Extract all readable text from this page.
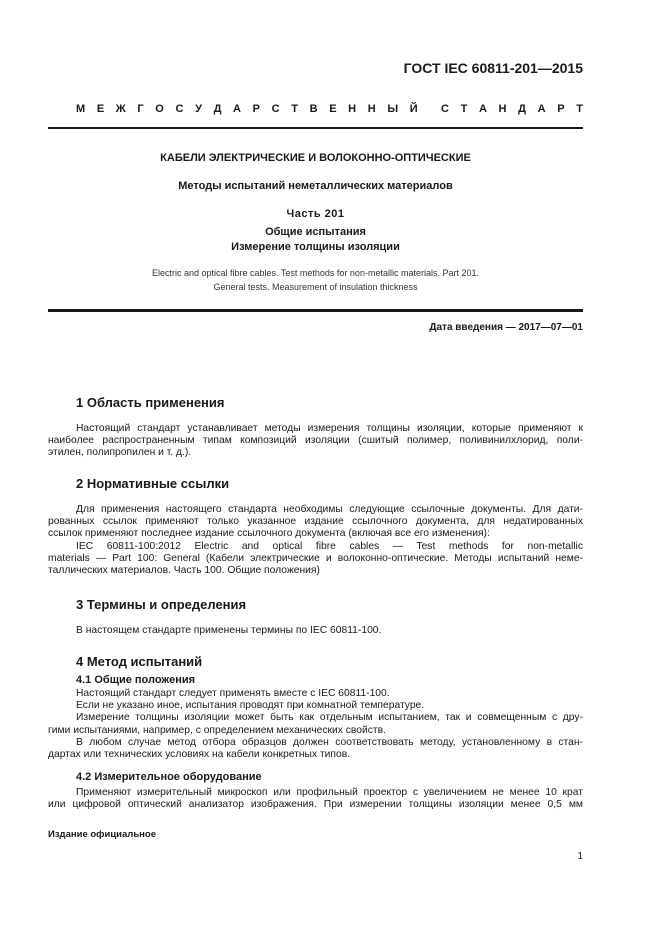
ГОСТ IEC 60811-201—2015
М Е Ж Г О С У Д А Р С Т В Е Н Н Ы Й С Т А Н Д А Р Т
КАБЕЛИ ЭЛЕКТРИЧЕСКИЕ И ВОЛОКОННО-ОПТИЧЕСКИЕ
Методы испытаний неметаллических материалов
Часть 201
Общие испытания
Измерение толщины изоляции
Electric and optical fibre cables. Test methods for non-metallic materials. Part 201.
General tests. Measurement of insulation thickness
Дата введения — 2017—07—01
1 Область применения
Настоящий стандарт устанавливает методы измерения толщины изоляции, которые применяют к
наиболее распространенным типам композиций изоляции (сшитый полимер, поливинилхлорид, поли-
этилен, полипропилен и т. д.).
2 Нормативные ссылки
Для применения настоящего стандарта необходимы следующие ссылочные документы. Для дати-
рованных ссылок применяют только указанное издание ссылочного документа, для недатированных
ссылок применяют последнее издание ссылочного документа (включая все его изменения):
IEC 60811-100:2012 Electric and optical fibre cables — Test methods for non-metallic
materials — Part 100: General (Кабели электрические и волоконно-оптические. Методы испытаний неме-
таллических материалов. Часть 100. Общие положения)
3 Термины и определения
В настоящем стандарте применены термины по IEC 60811-100.
4 Метод испытаний
4.1 Общие положения
Настоящий стандарт следует применять вместе с IEC 60811-100.
Если не указано иное, испытания проводят при комнатной температуре.
Измерение толщины изоляции может быть как отдельным испытанием, так и совмещенным с дру-
гими испытаниями, например, с определением механических свойств.
В любом случае метод отбора образцов должен соответствовать методу, установленному в стан-
дартах или технических условиях на кабели конкретных типов.
4.2 Измерительное оборудование
Применяют измерительный микроскоп или профильный проектор с увеличением не менее 10 крат
или цифровой оптический анализатор изображения. При измерении толщины изоляции менее 0,5 мм
Издание официальное
1
